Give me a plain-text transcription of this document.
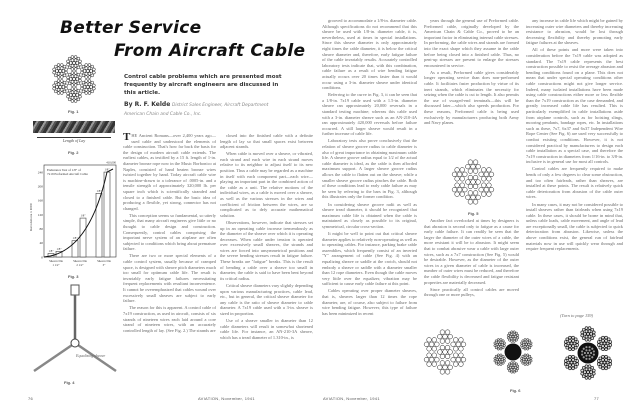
Better Service
From Aircraft Cable
Fig. 1
Control cable problems which are presented most frequently by aircraft engineers are discussed in this article.
By R. F. Kelde District Sales Engineer, Aircraft Department
American Chain and Cable Co., Inc.
Length of Lay
Fig. 2
0
40
80
120
160
200
240
Revolutions x 1000
Endurance Test of 1/8" of 7x19 Preformed Aircraft Cable
1/8"
1/8"
Sheave Dia 1 1/2"
1/8"
1/8"
Sheave Dia 2 1/2"
1/8"
1/8"
Sheave Dia 3"
410,000
Fig. 3
Equalizing sheave
Fig. 4

THE Ancient Romans—over 2,400 years ago—used cable and understood the elements of cable construction. That's how far back the basis for the design of modern aircraft cable extends. The earliest cables, as testified by a 15 ft. length of 1-in. diameter bronze rope now in the Music Borbonico at Naples, consisted of hand beaten bronze wires twisted together by hand. Today aircraft cable wire is machine-drawn to a tolerance of .0005-in. and a tensile strength of approximately 320,000 lb. per square inch which is scientifically stranded and closed to a finished cable. But the basic idea of producing a flexible, yet strong, connector has not changed.

This conception seems so fundamental, so utterly simple, that many aircraft engineers give little or no thought to cable design and construction. Consequently, control cables comprising the important nerve system of an airplane are often subjected to conditions which bring about premature failure.

There are two or more special elements of a cable control system, usually because of cramped space, is designed with sheave pitch diameters much too small for optimum cable life. The result is invariably early fatigue failures necessitating frequent replacements with resultant inconvenience. It cannot be overemphasized that cables wound over excessively small sheaves are subject to early failure.

The reason for this is apparent. A control cable of 7x19 construction, as used in aircraft, consists of six strands of nineteen wires each laid around a core strand of nineteen wires, with an accurately controlled length of lay. (See Fig. 2.) The strands are

closed into the finished cable with a definite length of lay so that small spaces exist between adjacent strands.

When cable is moved over a sheave, or vibrated, each strand and each wire in each strand moves relative to its neighbor to adjust itself to its new position. Thus a cable may be regarded as a machine in itself with each component part—each wire—playing an important part in the combined action of the cable as a unit. The relative motions of the individual wires, as a cable is moved over a sheave, as well as the various stresses in the wires and coefficient of friction between the wires, are so complicated as to defy accurate mathematical solution.

Observations, however, indicate that stresses set up in an operating cable increase tremendously as the diameter of the sheave over which it is operating decreases. When cable under tension is operated over excessively small sheaves, the strands and wires are forced into unsymmetrical positions and the severe bending stresses result in fatigue failure. These breaks are "fatigue" breaks. This is the result of bending a cable over a sheave too small in diameter, the cable is said to have been bent beyond its critical radius.

Critical sheave diameters vary slightly depending upon various manufacturing practices, cable lead, etc., but in general, the critical sheave diameter for any cable is the ratio of sheave diameter to cable diameter. A 7x19 cable used with a 3-in. sheave is sized in proportion.

Use of a sheave smaller in diameter than 12 cable diameters will result in somewhat shortened cable life. For instance, an AN-210-3A sheave, which has a tread diameter of 1.310-in., is

grooved to accommodate a 1/8-in. diameter cable. Although specifications do not recommend that this sheave be used with 1/8-in. diameter cable, it is, nevertheless, used at times in special installations. Since this sheave diameter is only approximately eight times the cable diameter, it is below the critical sheave diameter and, therefore, early fatigue failure of the cable invariably results. Accurately controlled laboratory tests indicate that, with this combination, cable failure as a result of wire bending fatigue actually occurs over 20 times faster than it would occur using a 3-in. diameter sheave under identical conditions.

Referring to the curve in Fig. 3, it can be seen that a 1/8-in. 7x19 cable used with a 1.5-in. diameter sheave ran approximately 20,000 reversals in a standard testing machine; whereas this cable used with a 3-in. diameter sheave such as an AN-210-4A ran approximately 420,000 reversals before failure occurred. A still larger sheave would result in a further increase of cable life.

Laboratory tests also prove conclusively that the relation of sheave groove radius to cable diameter is also of great importance in obtaining maximum cable life. A sheave groove radius equal to 1/2 of the actual cable diameter is ideal, as the cable is then afforded maximum support. A larger sheave groove radius allows the cable to flatten out on the sheave; while a smaller sheave groove radius pinches the cable. Both of these conditions lead to early cable failure as may be seen by referring to the bars in Fig. 3, although this illustrates only the former condition.

In considering sheave groove radii as well as sheave tread diameter, it should be recognized that maximum cable life is obtained when the cable is maintained as closely as possible to its original, symmetrical, circular cross-section.

It might be well to point out that critical sheave diameter applies to relatively non-operating as well as to operating cables. For instance, parking brake cable assemblies, which frequently consist of an inverted "Y" arrangement of cable (See Fig. 4) with an equalizing sheave or saddle at the crotch, should not embody a sheave or saddle with a diameter smaller than 12 rope diameters. Even though the cable moves very little over the equalizer, vibration may be sufficient to cause early cable failure at this point.

Cables operating over proper diameter sheaves, that is, sheaves larger than 12 times the rope diameter, are, of course, also subject to failure from wire bending fatigue. However, this type of failure has been minimized in recent

years through the general use of Preformed cable. Preformed cable, originally developed by the American Chain & Cable Co., proved to be an important factor in eliminating internal cable stresses. In preforming, the cable wires and strands are formed into the exact shape which they assume in the cable before being closed into a finished cable. Thus, no pent-up stresses are present to enlarge the stresses encountered in service.

As a result, Preformed cable gives considerably longer operating service than does non-preformed cable. It facilitates faster production by virtue of its inert strands, which eliminates the necessity for seizing when the cable is cut to length. It also permits the use of swaged-end terminals—this will be discussed later—which also speeds production. For these reasons, Preformed cable is being used exclusively by manufacturers producing both Army and Navy planes.

Fig. 5

Another fact overlooked at times by designers is that abrasion is second only to fatigue as a cause for early cable failure. It can readily be seen that the larger the diameter of the outer wires of a cable, the more resistant it will be to abrasion. It might seem that to combat abrasive wear a cable with large outer wires, such as a 7x7 construction (See Fig. 5) would be desirable. However, as the diameter of the outer wires in a given diameter of cable is increased, the number of outer wires must be reduced, and therefore the cable flexibility is decreased and fatigue resistant properties are materially decreased.

Since practically all control cables are moved through one or more pulleys,

any increase in cable life which might be gained by increasing outer wire diameters and thereby increasing resistance to abrasion, would be lost through decreasing flexibility and thereby promoting early fatigue failures at the sheaves.

All of these points and more were taken into consideration before the 7x19 cable was adopted as standard. The 7x19 cable represents the best construction possible to resist the average abrasion and bending conditions found on a plane. This does not mean that under special operating conditions other cable constructions might not give longer service. Indeed, many isolated installations have been made using cable constructions either more or less flexible than the 7x19 construction as the case demanded, and greatly increased cable life has resulted. This is particularly exemplified in cable installations aside from airplane controls, such as for hoisting slings, mooring pendants, bandage ropes, etc. In installations such as these, 7x7, 6x37 and 6x37 Independent Wire Rope Center (See Fig. 6) are used very successfully to combat existing conditions. However, it is not considered practical by manufacturers to design each cable installation as a special case, and therefore the 7x19 construction in diameters from 1/16-in. to 3/8-in. inclusive is in general use for most all controls.

Control cables are frequently required to make bends of only a few degrees to clear some obstruction, and too often fairleads, rather than sheaves, are installed at these points. The result is relatively quick cable deterioration from abrasion of the cable outer wires.

In many cases, it may not be considered possible to install sheaves rather than fairleads when using 7x19 cable. In these cases, it should be borne in mind that, unless cable loads, cable movement, and angle of lead are exceptionally small, the cable is subjected to quick deterioration from abrasion. Likewise, unless the above conditions exist, the general run of fairlead materials now in use will quickly wear through and require frequent replacements.

(Turn to page 159)
Fig. 6
76	AVIATION, November, 1941	AVIATION, November, 1941	77
